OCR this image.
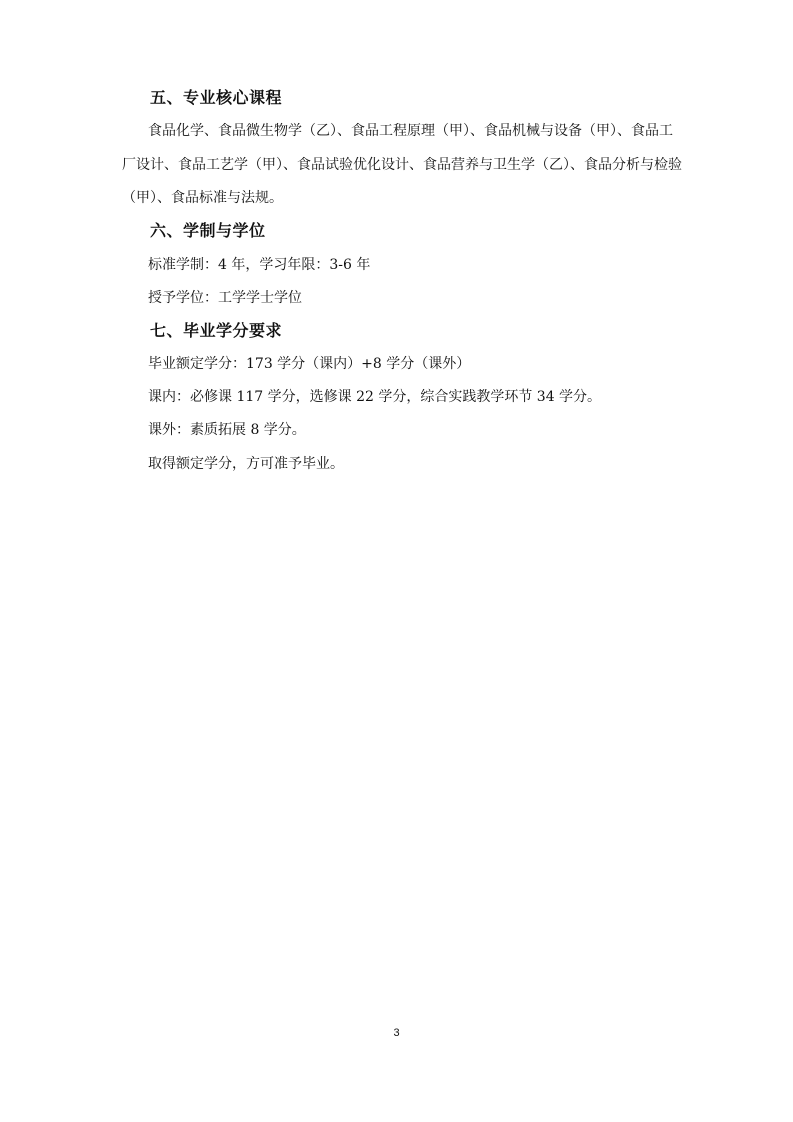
五、专业核心课程
食品化学、食品微生物学（乙）、食品工程原理（甲）、食品机械与设备（甲）、食品工
厂设计、食品工艺学（甲）、食品试验优化设计、食品营养与卫生学（乙）、食品分析与检验
（甲）、食品标准与法规。
六、学制与学位
标准学制：4 年，学习年限：3-6 年
授予学位：工学学士学位
七、毕业学分要求
毕业额定学分：173 学分（课内）+8 学分（课外）
课内：必修课 117 学分，选修课 22 学分，综合实践教学环节 34 学分。
课外：素质拓展 8 学分。
取得额定学分，方可准予毕业。
3
